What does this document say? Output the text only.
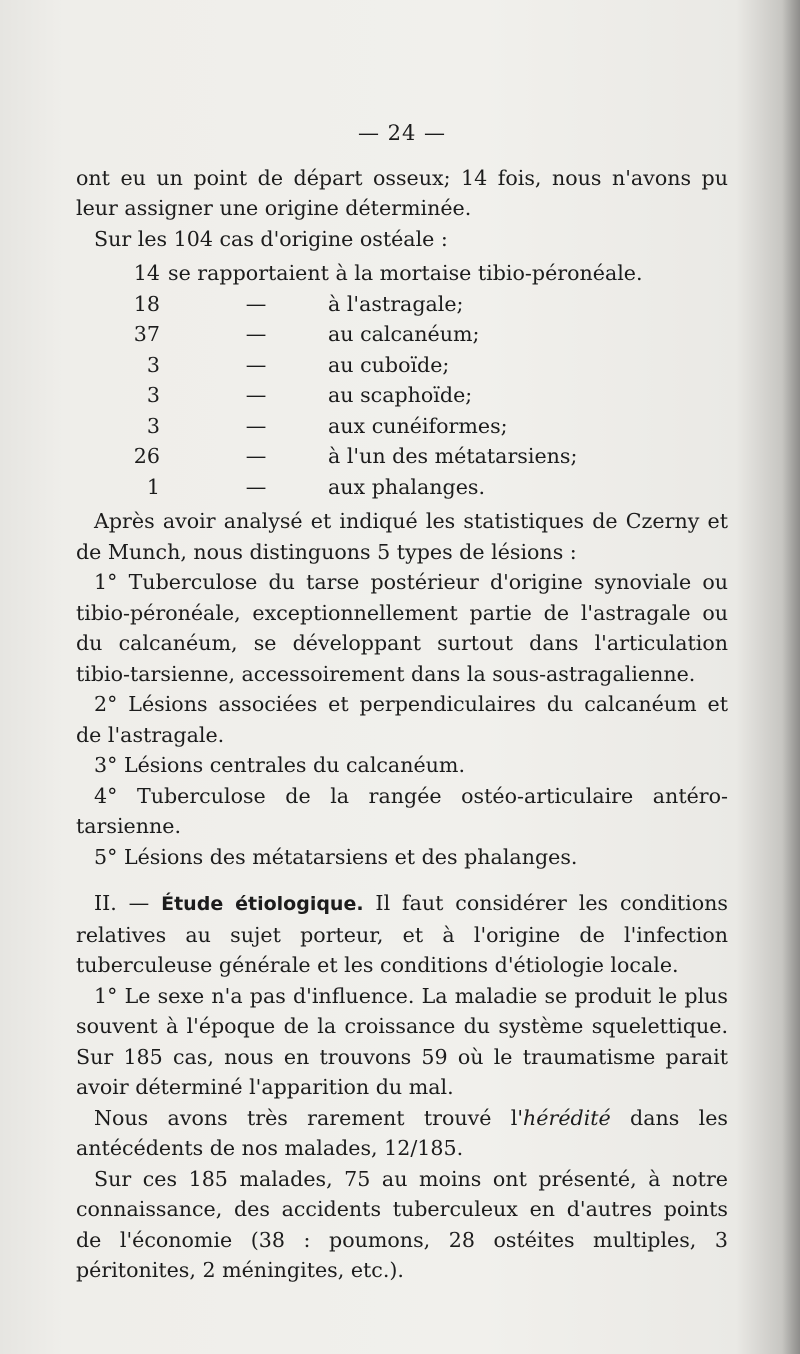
— 24 —

ont eu un point de départ osseux; 14 fois, nous n'avons pu leur assigner une origine déterminée.

Sur les 104 cas d'origine ostéale :

14 se rapportaient à la mortaise tibio-péronéale.
18	—	à l'astragale;
37	—	au calcanéum;
3	—	au cuboïde;
3	—	au scaphoïde;
3	—	aux cunéiformes;
26	—	à l'un des métatarsiens;
1	—	aux phalanges.

Après avoir analysé et indiqué les statistiques de Czerny et de Munch, nous distinguons 5 types de lésions :

1° Tuberculose du tarse postérieur d'origine synoviale ou tibio-péronéale, exceptionnellement partie de l'astragale ou du calcanéum, se développant surtout dans l'articulation tibio-tarsienne, accessoirement dans la sous-astragalienne.

2° Lésions associées et perpendiculaires du calcanéum et de l'astragale.

3° Lésions centrales du calcanéum.

4° Tuberculose de la rangée ostéo-articulaire antéro-tarsienne.

5° Lésions des métatarsiens et des phalanges.

II. — Étude étiologique. Il faut considérer les conditions relatives au sujet porteur, et à l'origine de l'infection tuberculeuse générale et les conditions d'étiologie locale.

1° Le sexe n'a pas d'influence. La maladie se produit le plus souvent à l'époque de la croissance du système squelettique. Sur 185 cas, nous en trouvons 59 où le traumatisme parait avoir déterminé l'apparition du mal.

Nous avons très rarement trouvé l'hérédité dans les antécédents de nos malades, 12/185.

Sur ces 185 malades, 75 au moins ont présenté, à notre connaissance, des accidents tuberculeux en d'autres points de l'économie (38 : poumons, 28 ostéites multiples, 3 péritonites, 2 méningites, etc.).
